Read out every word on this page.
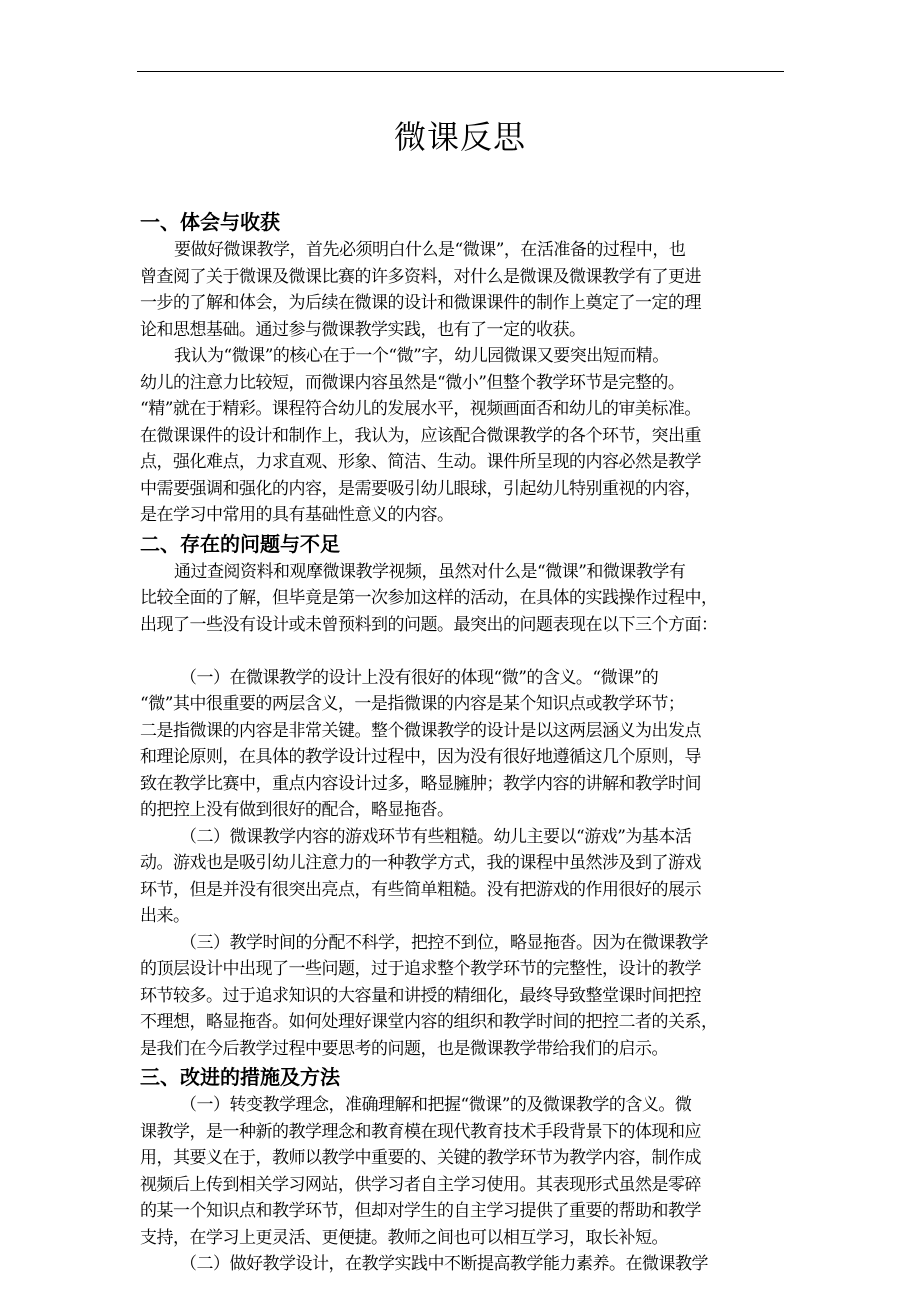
微课反思
一、体会与收获
要做好微课教学，首先必须明白什么是“微课”，在活准备的过程中，也
曾查阅了关于微课及微课比赛的许多资料，对什么是微课及微课教学有了更进
一步的了解和体会，为后续在微课的设计和微课课件的制作上奠定了一定的理
论和思想基础。通过参与微课教学实践，也有了一定的收获。
我认为“微课”的核心在于一个“微”字，幼儿园微课又要突出短而精。
幼儿的注意力比较短，而微课内容虽然是“微小”但整个教学环节是完整的。
“精”就在于精彩。课程符合幼儿的发展水平，视频画面否和幼儿的审美标准。
在微课课件的设计和制作上，我认为，应该配合微课教学的各个环节，突出重
点，强化难点，力求直观、形象、简洁、生动。课件所呈现的内容必然是教学
中需要强调和强化的内容，是需要吸引幼儿眼球，引起幼儿特别重视的内容，
是在学习中常用的具有基础性意义的内容。
二、存在的问题与不足
通过查阅资料和观摩微课教学视频，虽然对什么是“微课”和微课教学有
比较全面的了解，但毕竟是第一次参加这样的活动，在具体的实践操作过程中，
出现了一些没有设计或未曾预料到的问题。最突出的问题表现在以下三个方面：
（一）在微课教学的设计上没有很好的体现“微”的含义。“微课”的
“微”其中很重要的两层含义，一是指微课的内容是某个知识点或教学环节；
二是指微课的内容是非常关键。整个微课教学的设计是以这两层涵义为出发点
和理论原则，在具体的教学设计过程中，因为没有很好地遵循这几个原则，导
致在教学比赛中，重点内容设计过多，略显臃肿；教学内容的讲解和教学时间
的把控上没有做到很好的配合，略显拖沓。
（二）微课教学内容的游戏环节有些粗糙。幼儿主要以“游戏”为基本活
动。游戏也是吸引幼儿注意力的一种教学方式，我的课程中虽然涉及到了游戏
环节，但是并没有很突出亮点，有些简单粗糙。没有把游戏的作用很好的展示
出来。
（三）教学时间的分配不科学，把控不到位，略显拖沓。因为在微课教学
的顶层设计中出现了一些问题，过于追求整个教学环节的完整性，设计的教学
环节较多。过于追求知识的大容量和讲授的精细化，最终导致整堂课时间把控
不理想，略显拖沓。如何处理好课堂内容的组织和教学时间的把控二者的关系，
是我们在今后教学过程中要思考的问题，也是微课教学带给我们的启示。
三、改进的措施及方法
（一）转变教学理念，准确理解和把握“微课”的及微课教学的含义。微
课教学，是一种新的教学理念和教育模在现代教育技术手段背景下的体现和应
用，其要义在于，教师以教学中重要的、关键的教学环节为教学内容，制作成
视频后上传到相关学习网站，供学习者自主学习使用。其表现形式虽然是零碎
的某一个知识点和教学环节，但却对学生的自主学习提供了重要的帮助和教学
支持，在学习上更灵活、更便捷。教师之间也可以相互学习，取长补短。
（二）做好教学设计，在教学实践中不断提高教学能力素养。在微课教学
